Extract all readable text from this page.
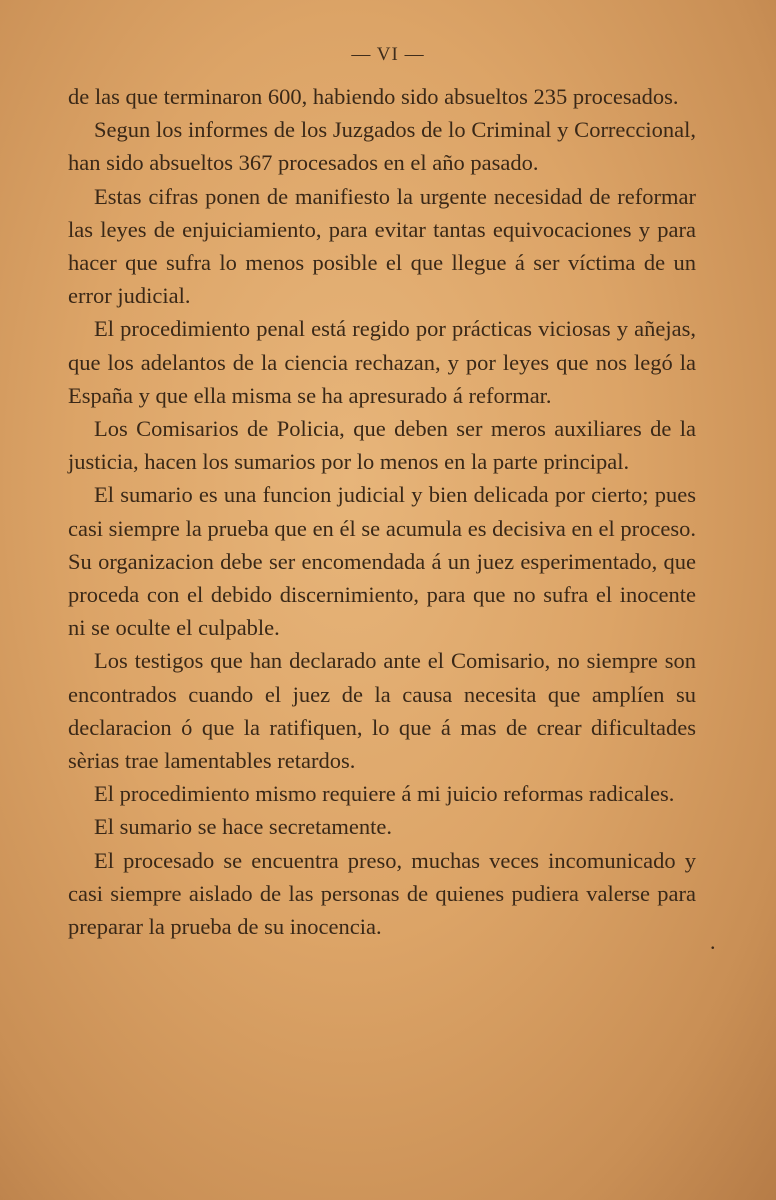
— VI —

de las que terminaron 600, habiendo sido absueltos 235 procesados.

Segun los informes de los Juzgados de lo Criminal y Correccional, han sido absueltos 367 procesados en el año pasado.

Estas cifras ponen de manifiesto la urgente necesidad de reformar las leyes de enjuiciamiento, para evitar tantas equivocaciones y para hacer que sufra lo menos posible el que llegue á ser víctima de un error judicial.

El procedimiento penal está regido por prácticas viciosas y añejas, que los adelantos de la ciencia rechazan, y por leyes que nos legó la España y que ella misma se ha apresurado á reformar.

Los Comisarios de Policia, que deben ser meros auxiliares de la justicia, hacen los sumarios por lo menos en la parte principal.

El sumario es una funcion judicial y bien delicada por cierto; pues casi siempre la prueba que en él se acumula es decisiva en el proceso. Su organizacion debe ser encomendada á un juez esperimentado, que proceda con el debido discernimiento, para que no sufra el inocente ni se oculte el culpable.

Los testigos que han declarado ante el Comisario, no siempre son encontrados cuando el juez de la causa necesita que amplíen su declaracion ó que la ratifiquen, lo que á mas de crear dificultades sèrias trae lamentables retardos.

El procedimiento mismo requiere á mi juicio reformas radicales.

El sumario se hace secretamente.

El procesado se encuentra preso, muchas veces incomunicado y casi siempre aislado de las personas de quienes pudiera valerse para preparar la prueba de su inocencia.

.
